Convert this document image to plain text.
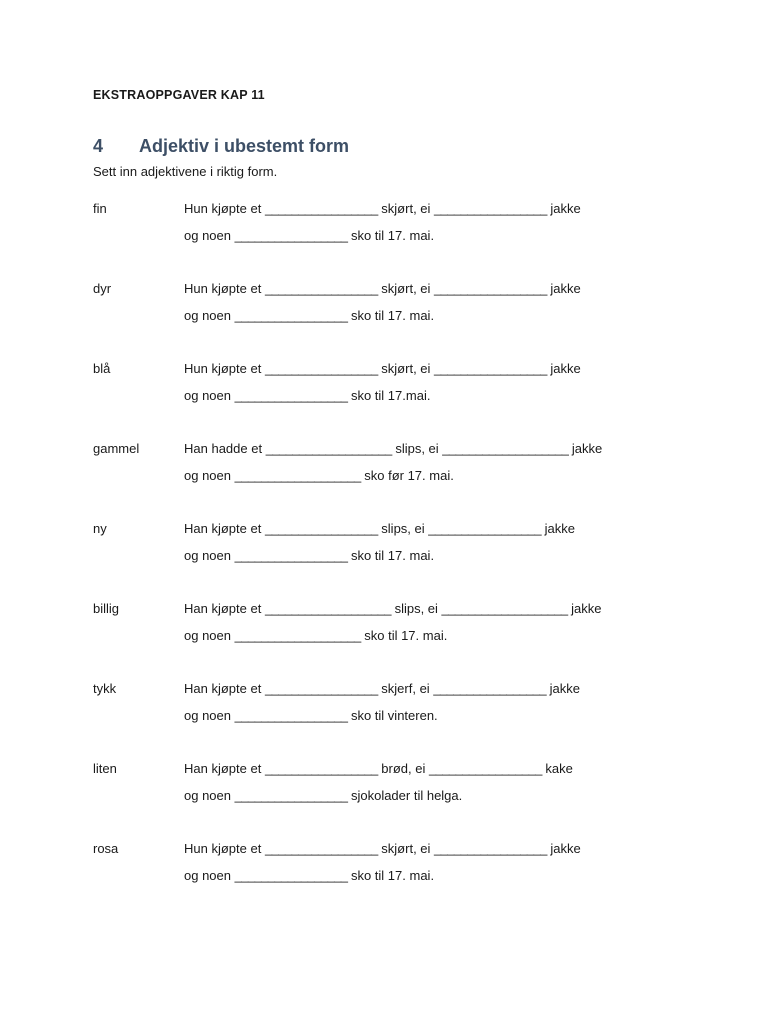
EKSTRAOPPGAVER KAP 11
4	Adjektiv i ubestemt form
Sett inn adjektivene i riktig form.
fin	Hun kjøpte et _________________ skjørt, ei _________________ jakke
og noen _________________ sko til 17. mai.
dyr	Hun kjøpte et _________________ skjørt, ei _________________ jakke
og noen _________________ sko til 17. mai.
blå	Hun kjøpte et _________________ skjørt, ei _________________ jakke
og noen _________________ sko til 17.mai.
gammel	Han hadde et ___________________ slips, ei ___________________ jakke
og noen ___________________ sko før 17. mai.
ny	Han kjøpte et _________________ slips, ei _________________ jakke
og noen _________________ sko til 17. mai.
billig	Han kjøpte et ___________________ slips, ei ___________________ jakke
og noen ___________________ sko til 17. mai.
tykk	Han kjøpte et _________________ skjerf, ei _________________ jakke
og noen _________________ sko til vinteren.
liten	Han kjøpte et _________________ brød, ei _________________ kake
og noen _________________ sjokolader til helga.
rosa	Hun kjøpte et _________________ skjørt, ei _________________ jakke
og noen _________________ sko til 17. mai.
